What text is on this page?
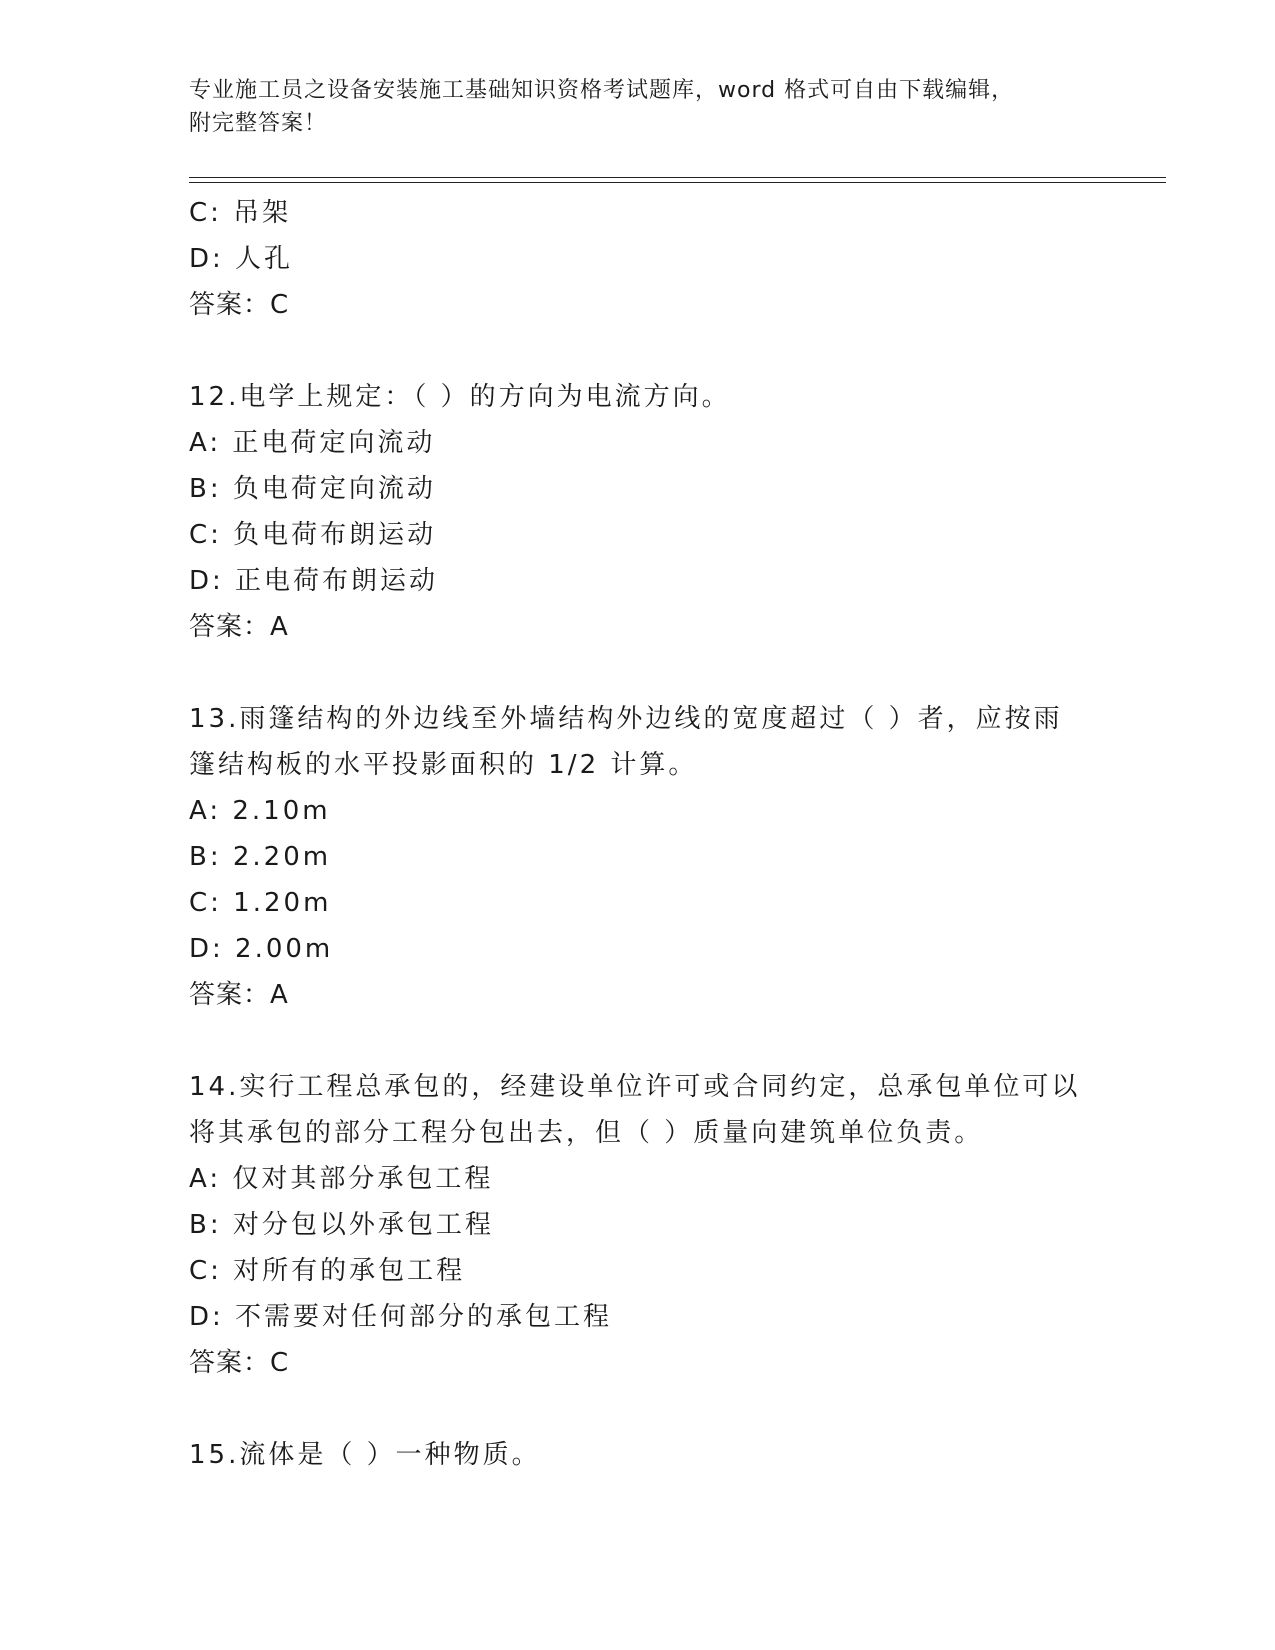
专业施工员之设备安装施工基础知识资格考试题库，word 格式可自由下载编辑，
附完整答案！
C: 吊架
D: 人孔
答案：C
12.电学上规定：（ ）的方向为电流方向。
A: 正电荷定向流动
B: 负电荷定向流动
C: 负电荷布朗运动
D: 正电荷布朗运动
答案：A
13.雨篷结构的外边线至外墙结构外边线的宽度超过（ ）者，应按雨
篷结构板的水平投影面积的 1/2 计算。
A: 2.10m
B: 2.20m
C: 1.20m
D: 2.00m
答案：A
14.实行工程总承包的，经建设单位许可或合同约定，总承包单位可以
将其承包的部分工程分包出去，但（ ）质量向建筑单位负责。
A: 仅对其部分承包工程
B: 对分包以外承包工程
C: 对所有的承包工程
D: 不需要对任何部分的承包工程
答案：C
15.流体是（ ）一种物质。
